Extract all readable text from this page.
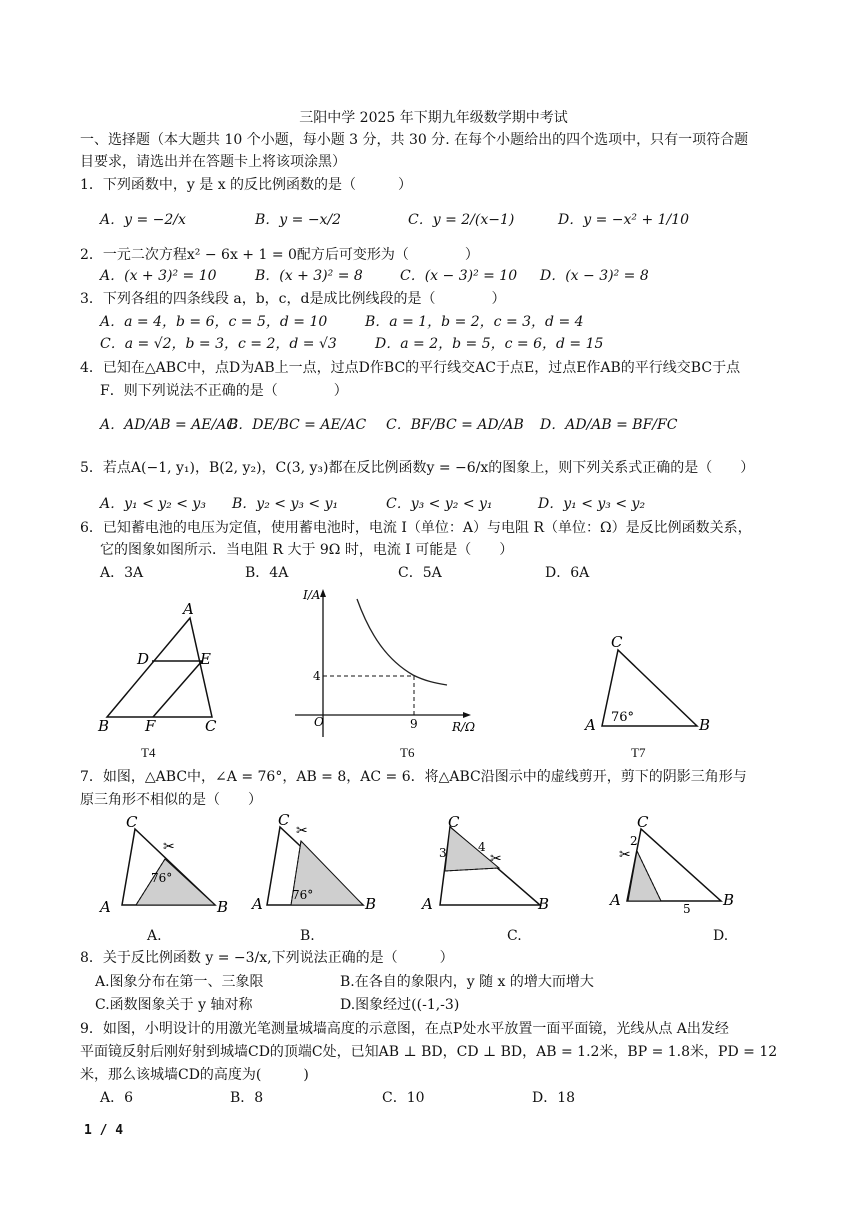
三阳中学 2025 年下期九年级数学期中考试
一、选择题（本大题共 10 个小题，每小题 3 分，共 30 分. 在每个小题给出的四个选项中，只有一项符合题
目要求，请选出并在答题卡上将该项涂黑）
1．下列函数中，y 是 x 的反比例函数的是（　　　）
A．y = −2/x	B．y = −x/2	C．y = 2/(x−1)	D．y = −x² + 1/10
2．一元二次方程x² − 6x + 1 = 0配方后可变形为（　　　　）
A．(x + 3)² = 10	B．(x + 3)² = 8	C．(x − 3)² = 10 D．(x − 3)² = 8
3．下列各组的四条线段 a，b，c，d是成比例线段的是（　　　　）
A．a = 4，b = 6，c = 5，d = 10	B．a = 1，b = 2，c = 3，d = 4
C．a = √2，b = 3，c = 2，d = √3	D．a = 2，b = 5，c = 6，d = 15
4．已知在△ABC中，点D为AB上一点，过点D作BC的平行线交AC于点E，过点E作AB的平行线交BC于点
F．则下列说法不正确的是（　　　　）
A．AD/AB = AE/AC
B．DE/BC = AE/AC C．BF/BC = AD/AB D．AD/AB = BF/FC
5．若点A(−1, y₁)，B(2, y₂)，C(3, y₃)都在反比例函数y = −6/x的图象上，则下列关系式正确的是（　　）
A．y₁ < y₂ < y₃ B．y₂ < y₃ < y₁	C．y₃ < y₂ < y₁	D．y₁ < y₃ < y₂
6．已知蓄电池的电压为定值，使用蓄电池时，电流 I（单位：A）与电阻 R（单位：Ω）是反比例函数关系，
它的图象如图所示．当电阻 R 大于 9Ω 时，电流 I 可能是（　　）
A．3A	B．4A	C．5A	D．6A
A
D	E
B F	C
T4
I/A
R/Ω
O
4
9
T6
C
A	B
76°
T7
7．如图，△ABC中，∠A = 76°，AB = 8，AC = 6．将△ABC沿图示中的虚线剪开，剪下的阴影三角形与
原三角形不相似的是（　　）
C
A	B
76°
✂
A.
C
A	B
76°
✂
B.
C
A	B
3	4
✂
C.
C
A	B
2
5
✂
D.
8．关于反比例函数 y = −3/x,下列说法正确的是（　　　）
A.图象分布在第一、三象限	B.在各自的象限内，y 随 x 的增大而增大
C.函数图象关于 y 轴对称	D.图象经过((-1,-3)
9．如图，小明设计的用激光笔测量城墙高度的示意图，在点P处水平放置一面平面镜，光线从点 A出发经
平面镜反射后刚好射到城墙CD的顶端C处，已知AB ⊥ BD，CD ⊥ BD，AB = 1.2米，BP = 1.8米，PD = 12
米，那么该城墙CD的高度为(　　　)
A．6	B．8	C．10	D．18
1 / 4
